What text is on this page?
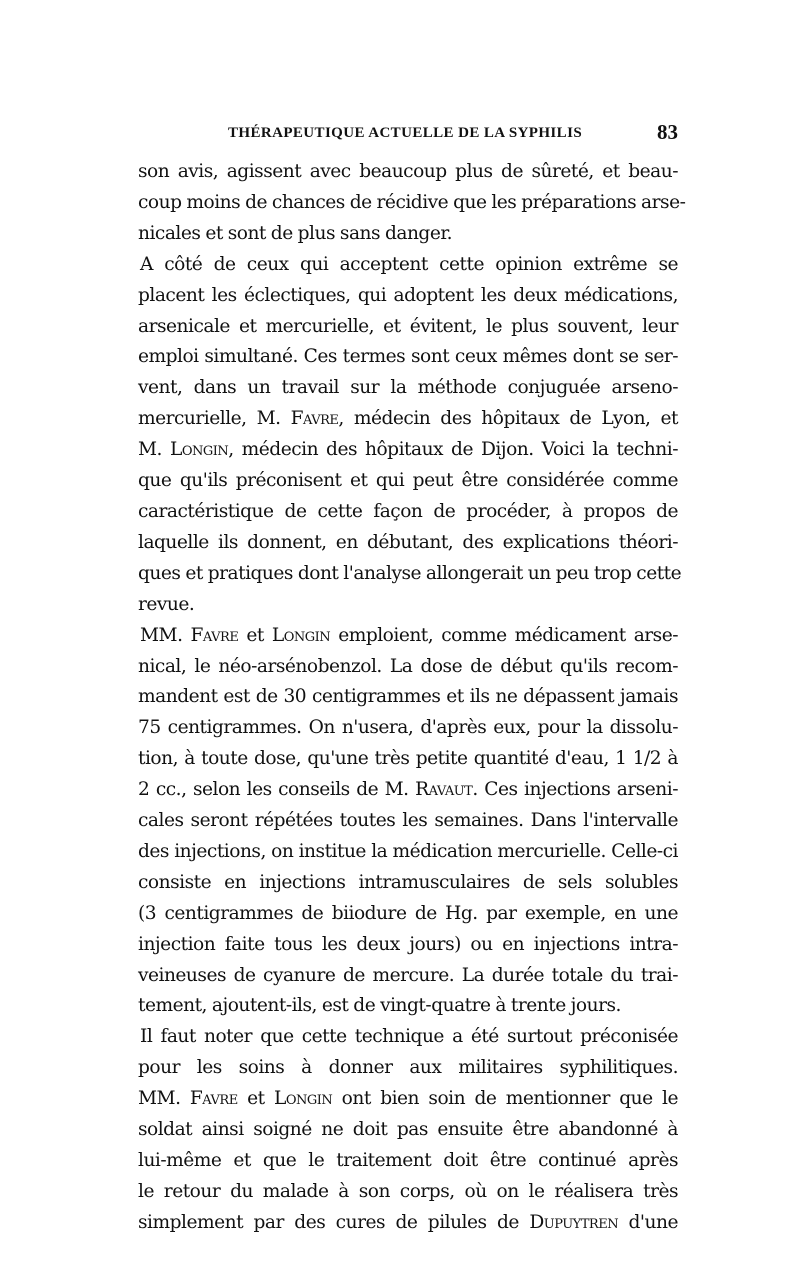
THÉRAPEUTIQUE ACTUELLE DE LA SYPHILIS	83

son avis, agissent avec beaucoup plus de sûreté, et beau-
coup moins de chances de récidive que les préparations arse-
nicales et sont de plus sans danger.

A côté de ceux qui acceptent cette opinion extrême se
placent les éclectiques, qui adoptent les deux médications,
arsenicale et mercurielle, et évitent, le plus souvent, leur
emploi simultané. Ces termes sont ceux mêmes dont se ser-
vent, dans un travail sur la méthode conjuguée arseno-
mercurielle, M. Favre, médecin des hôpitaux de Lyon, et
M. Longin, médecin des hôpitaux de Dijon. Voici la techni-
que qu'ils préconisent et qui peut être considérée comme
caractéristique de cette façon de procéder, à propos de
laquelle ils donnent, en débutant, des explications théori-
ques et pratiques dont l'analyse allongerait un peu trop cette
revue.

MM. Favre et Longin emploient, comme médicament arse-
nical, le néo-arsénobenzol. La dose de début qu'ils recom-
mandent est de 30 centigrammes et ils ne dépassent jamais
75 centigrammes. On n'usera, d'après eux, pour la dissolu-
tion, à toute dose, qu'une très petite quantité d'eau, 1 1/2 à
2 cc., selon les conseils de M. Ravaut. Ces injections arseni-
cales seront répétées toutes les semaines. Dans l'intervalle
des injections, on institue la médication mercurielle. Celle-ci
consiste en injections intramusculaires de sels solubles
(3 centigrammes de biiodure de Hg. par exemple, en une
injection faite tous les deux jours) ou en injections intra-
veineuses de cyanure de mercure. La durée totale du trai-
tement, ajoutent-ils, est de vingt-quatre à trente jours.

Il faut noter que cette technique a été surtout préconisée
pour les soins à donner aux militaires syphilitiques.
MM. Favre et Longin ont bien soin de mentionner que le
soldat ainsi soigné ne doit pas ensuite être abandonné à
lui-même et que le traitement doit être continué après
le retour du malade à son corps, où on le réalisera très
simplement par des cures de pilules de Dupuytren d'une
